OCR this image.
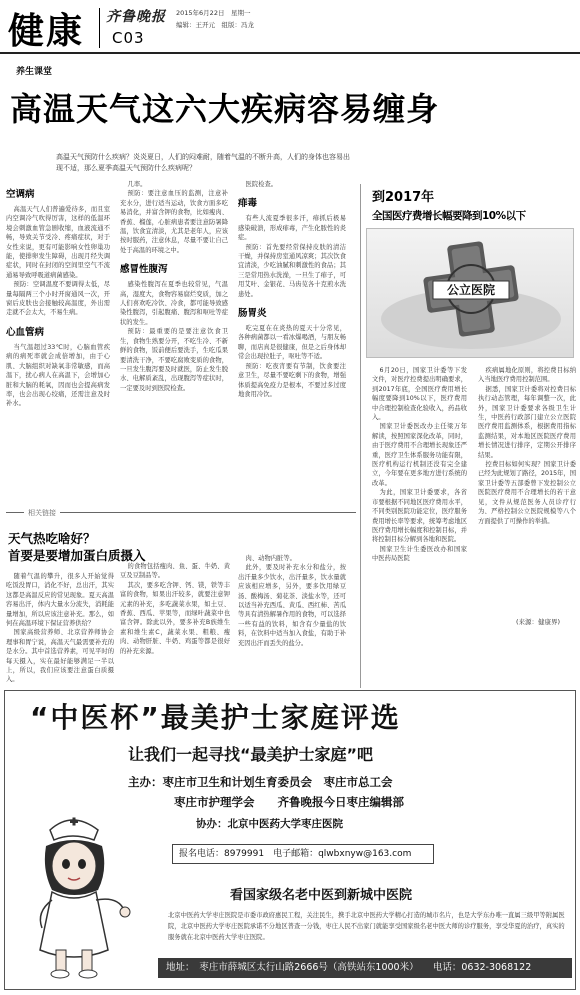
健康 齐鲁晚报 2015年6月22日　星期一
编辑：王开元　组版：冯龙
C03
养生课堂
高温天气这六大疾病容易缠身
高温天气预防什么疾病？炎炎夏日，人们的闷难耐，随着气温的不断升高，人们的身体也容易出现不适，那么夏季高温天气预防什么疾病呢？
空调病

高温天气人们普遍爱待多，而且室内空调冷气吹得厉害，这样的低温环境会刺激血管急剧收缩，血液流通不畅，导致关节受冷、疼痛症状，对于女性来说，更有可能影响女性卵巢功能，使排卵发生障碍，出现月经失调症状，同时在封闭的空间里空气不流通易导致呼吸道病菌感染。

预防：空调温度不要调得太低，尽量每隔两三个小时开窗通风一次，开窗后皮肤也会接触较高温度，外出需走就不会太大，不易生病。

心血管病

当气温超过33℃时，心脑血管疾病的病死率就会成倍增加，由于心肌、大脑组织对缺氧非常敏感，而高温下，扰心病人在高温下，会增加心脏和大脑的耗氧，因而也会提高病发率，也会出现心绞痛，还需注意及时补水。

几率。

预防：要注意血压的监测，注意补充水分，进行适当运动，饮食方面多吃易消化，并富含钾的食物，比如瘦肉、香蕉、榴莲，心脏病患者要注意防暑降温，饮食宜清淡，尤其是老年人，应该按时服药，注意休息，尽量不要让自己处于高温的环境之中。

感冒性腹泻

感染性腹泻在夏季也较常见，气温高，湿度大，食物容易腐烂变质，加之人们喜欢吃冷饮、冷食，都可能导致感染性腹泻，引起腹痛、腹泻和呕吐等症状的发生。

预防：最重要的是要注意饮食卫生，食物生熟要分开，不吃生冷、不新鲜的食物，饭前便后要洗手，生吃瓜果要清洗干净，不要吃腐败变质的食物，一旦发生腹泻要及时就医，防止发生脱水、电解质紊乱，出现腹泻等症状时，一定要及时到医院检查。

医院检查。

痱毒

有些人流夏季很多汗，痱抓后极易感染破溃，形成痱毒，产生化脓性的炎症。

预防：首先要经常保持皮肤的清洁干燥，并保持房室通风凉爽；其次饮食宜清淡，少吃油腻和刺激性的食品；其三是常用热水洗澡，一旦生了痱子，可用艾叶、金银花、马齿苋各十克煎水洗患处。

肠胃炎

吃完夏在在炎热的夏天十分常见，各种病菌都以一看冰爆喝酒，与朋友畅聊，而店真是很健康，但是之后身体却常会出现拉肚子，呕吐等不适。

预防：吃夜宵要有节制，饮食要注意卫生，尽量不要吃剩下的食物，增强体质提高免疫力是根本，不要过多过度地食用冷饮。

到2017年
全国医疗费增长幅要降到10%以下
公立医院

6月20日，国家卫计委等下发文件，对医疗控费提出明确要求，到2017年底，全国医疗费用增长幅度要降到10%以下，医疗费用中合理控制检查化验收入，药品收入。

国家卫计委医改办主任梁万年解读，按照国家深化改革，同时，由于医疗费用不合理增长现象还严重，医疗卫生体系服务功能有限，医疗机构运行机制还没有完全建立，今年要在更多地方进行系统的改革。

为此，国家卫计委要求，各省市要根据不同地区医疗费用水平，不同类别医院功能定位，医疗服务费用增长率等要求，统筹考虑地区医疗费用增长幅度和控制目标，并将控制目标分解到各地和医院。

国家卫生计生委医改办和国家中医药局医院

疾病属地化原则，将控费目标纳入当地医疗费用控制范围。

据悉，国家卫计委将对控费目标执行动态管理，每年调整一次，此外，国家卫计委要求各级卫生计生，中医药行政部门建立公立医院医疗费用监测体系，根据费用指标监测结果，对本地区医院医疗费用增长情况进行排序，定期公开排序结果。

控费目标如何实现？国家卫计委已经为此规划了路径，2015年，国家卫计委等五部委曾下发控制公立医院医疗费用不合理增长的若干意见，文件从规范医务人员诊疗行为、严格控制公立医院规模等八个方面提供了可操作的举措。

(来源：健康界)
相关链接
天气热吃啥好？
首要是要增加蛋白质摄入

随着气温的攀升，很多人开始觉得吃饭没胃口，消化不好，总出汗，其实这都是高温反应的常见现象。夏天高温容易出汗，体内大量水分流失，消耗能量增加，所以应该注意补充。那么，如何在高温环境下保证营养供给？

国家高级营养师、北京营养师协会理事和胃宁说，高温天气最需要补充的是水分。其中首选营养素，可见平时的每天摄入，实在最好能够满足一半以上，所以，我们应该要注意蛋白质摄入。

的食物包括瘦肉、鱼、蛋、牛奶、黄豆及豆制品等。

其次，要多吃含钾、钙、镁，铁等丰富的食物，如果出汗较多，就要注意钾元素的补充，多吃蔬菜水果，如土豆、香蕉、西瓜、苹果等，而绿叶蔬菜中也富含钾。除此以外，要多补充B族维生素和维生素C，蔬菜水果、粗粮、瘦肉、动物肝脏、牛奶、鸡蛋等都是很好的补充来源。

肉、动物内脏等。

此外，要及时补充水分和盐分，按出汗量多少饮水，出汗量多，饮水量就应该相应增多，另外，要多饮用绿豆汤、酸梅汤、菊花茶、淡盐水等，还可以适当补充西瓜、黄瓜、西红柿、苦瓜等具有清热解暑作用的食物，可以选择一些有益的饮料，如含有少量盐的饮料，在饮料中适当加入食盐，有助于补充因出汗而丢失的盐分。

“中医杯”最美护士家庭评选
让我们一起寻找“最美护士家庭”吧
主办：枣庄市卫生和计划生育委员会　枣庄市总工会
枣庄市护理学会　　齐鲁晚报今日枣庄编辑部
协办：北京中医药大学枣庄医院
报名电话：8979991　电子邮箱：qlwbxnyw@163.com
看国家级名老中医到新城中医院
北京中医药大学枣庄医院是市委市政府惠民工程，关注民生，携手北京中医药大学精心打造的城市名片，也是大学东办唯一直属三级甲等附属医院，北京中医药大学枣庄医院承诺不分地区普查一分钱，枣庄人民不出家门就能享受国家级名老中医大师的诊疗服务，享受华夏的治疗，真实的服务就在北京中医药大学枣庄医院。
地址：　枣庄市薛城区太行山路2666号（高铁站东1000米）　　电话：0632-3068122
